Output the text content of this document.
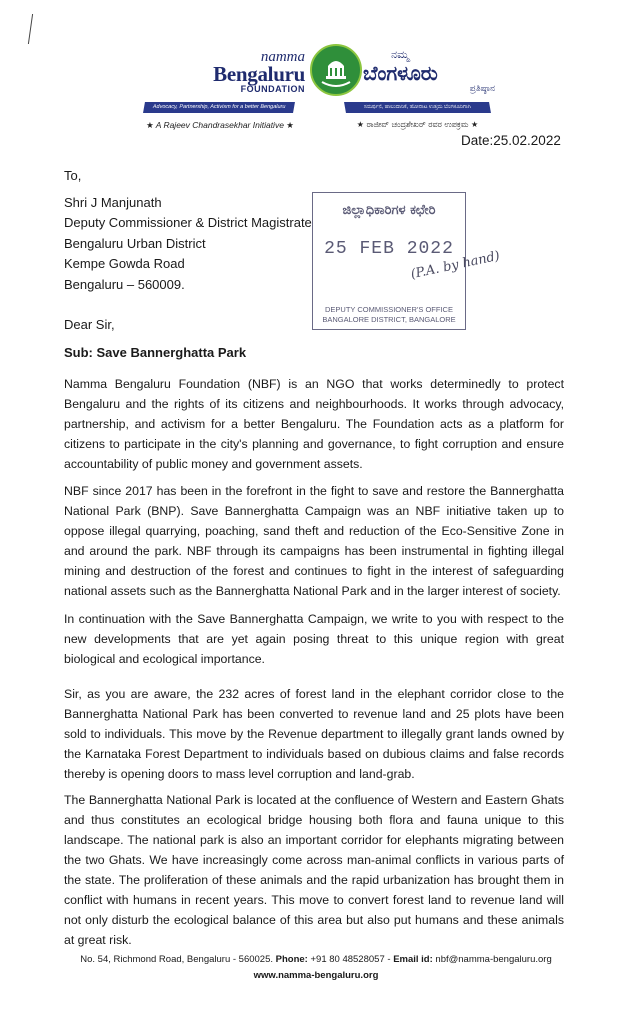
namma
Bengaluru
FOUNDATION
ನಮ್ಮ
ಬೆಂಗಳೂರು
ಪ್ರತಿಷ್ಠಾನ
Advocacy, Partnership, Activism for a better Bengaluru	ಸಮರ್ಥನೆ, ಪಾಲುದಾರಿಕೆ, ಹೋರಾಟ ಉತ್ತಮ ಬೆಂಗಳೂರಿಗಾಗಿ
★ A Rajeev Chandrasekhar Initiative ★	★ ರಾಜೀವ್ ಚಂದ್ರಶೇಖರ್ ರವರ ಉಪಕ್ರಮ ★
Date:25.02.2022
To,
Shri J Manjunath
Deputy Commissioner & District Magistrate
Bengaluru Urban District
Kempe Gowda Road
Bengaluru – 560009.
ಜಿಲ್ಲಾಧಿಕಾರಿಗಳ ಕಛೇರಿ
25 FEB 2022
DEPUTY COMMISSIONER'S OFFICE
BANGALORE DISTRICT, BANGALORE
(P.A. by hand)
Dear Sir,
Sub: Save Bannerghatta Park
Namma Bengaluru Foundation (NBF) is an NGO that works determinedly to protect Bengaluru and the rights of its citizens and neighbourhoods. It works through advocacy, partnership, and activism for a better Bengaluru. The Foundation acts as a platform for citizens to participate in the city's planning and governance, to fight corruption and ensure accountability of public money and government assets.
NBF since 2017 has been in the forefront in the fight to save and restore the Bannerghatta National Park (BNP). Save Bannerghatta Campaign was an NBF initiative taken up to oppose illegal quarrying, poaching, sand theft and reduction of the Eco-Sensitive Zone in and around the park. NBF through its campaigns has been instrumental in fighting illegal mining and destruction of the forest and continues to fight in the interest of safeguarding national assets such as the Bannerghatta National Park and in the larger interest of society.
In continuation with the Save Bannerghatta Campaign, we write to you with respect to the new developments that are yet again posing threat to this unique region with great biological and ecological importance.
Sir, as you are aware, the 232 acres of forest land in the elephant corridor close to the Bannerghatta National Park has been converted to revenue land and 25 plots have been sold to individuals. This move by the Revenue department to illegally grant lands owned by the Karnataka Forest Department to individuals based on dubious claims and false records thereby is opening doors to mass level corruption and land-grab.
The Bannerghatta National Park is located at the confluence of Western and Eastern Ghats and thus constitutes an ecological bridge housing both flora and fauna unique to this landscape. The national park is also an important corridor for elephants migrating between the two Ghats. We have increasingly come across man-animal conflicts in various parts of the state. The proliferation of these animals and the rapid urbanization has brought them in conflict with humans in recent years. This move to convert forest land to revenue land will not only disturb the ecological balance of this area but also put humans and these animals at great risk.
No. 54, Richmond Road, Bengaluru - 560025. Phone: +91 80 48528057 - Email id: nbf@namma-bengaluru.org
www.namma-bengaluru.org
